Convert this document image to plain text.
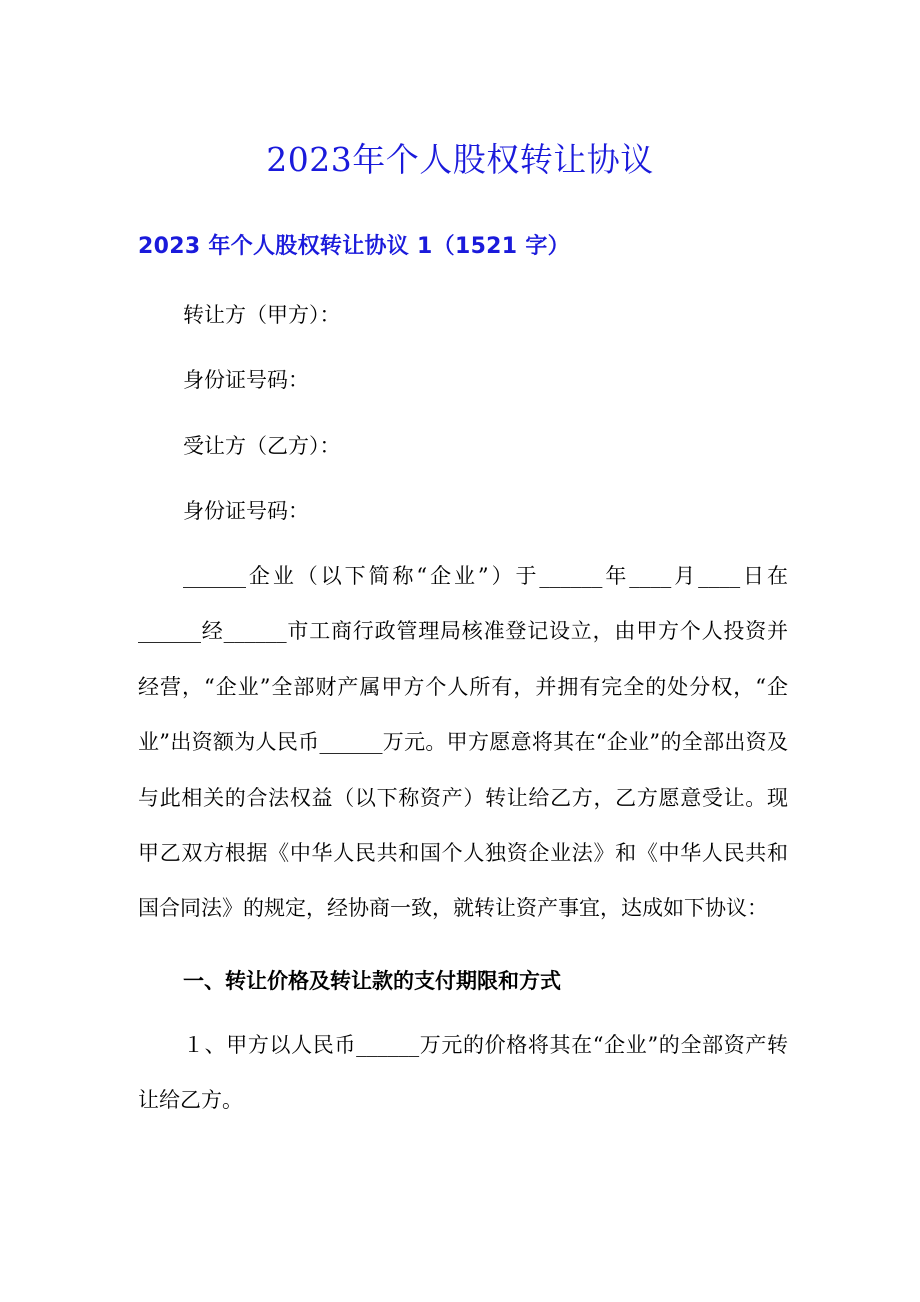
2023年个人股权转让协议
2023 年个人股权转让协议 1（1521 字）

转让方（甲方）：

身份证号码：

受让方（乙方）：

身份证号码：

______企业（以下简称“企业”）于______年____月____日在______经______市工商行政管理局核准登记设立，由甲方个人投资并经营，“企业”全部财产属甲方个人所有，并拥有完全的处分权，“企业”出资额为人民币______万元。甲方愿意将其在“企业”的全部出资及与此相关的合法权益（以下称资产）转让给乙方，乙方愿意受让。现甲乙双方根据《中华人民共和国个人独资企业法》和《中华人民共和国合同法》的规定，经协商一致，就转让资产事宜，达成如下协议：

一、转让价格及转让款的支付期限和方式

１、甲方以人民币______万元的价格将其在“企业”的全部资产转让给乙方。
